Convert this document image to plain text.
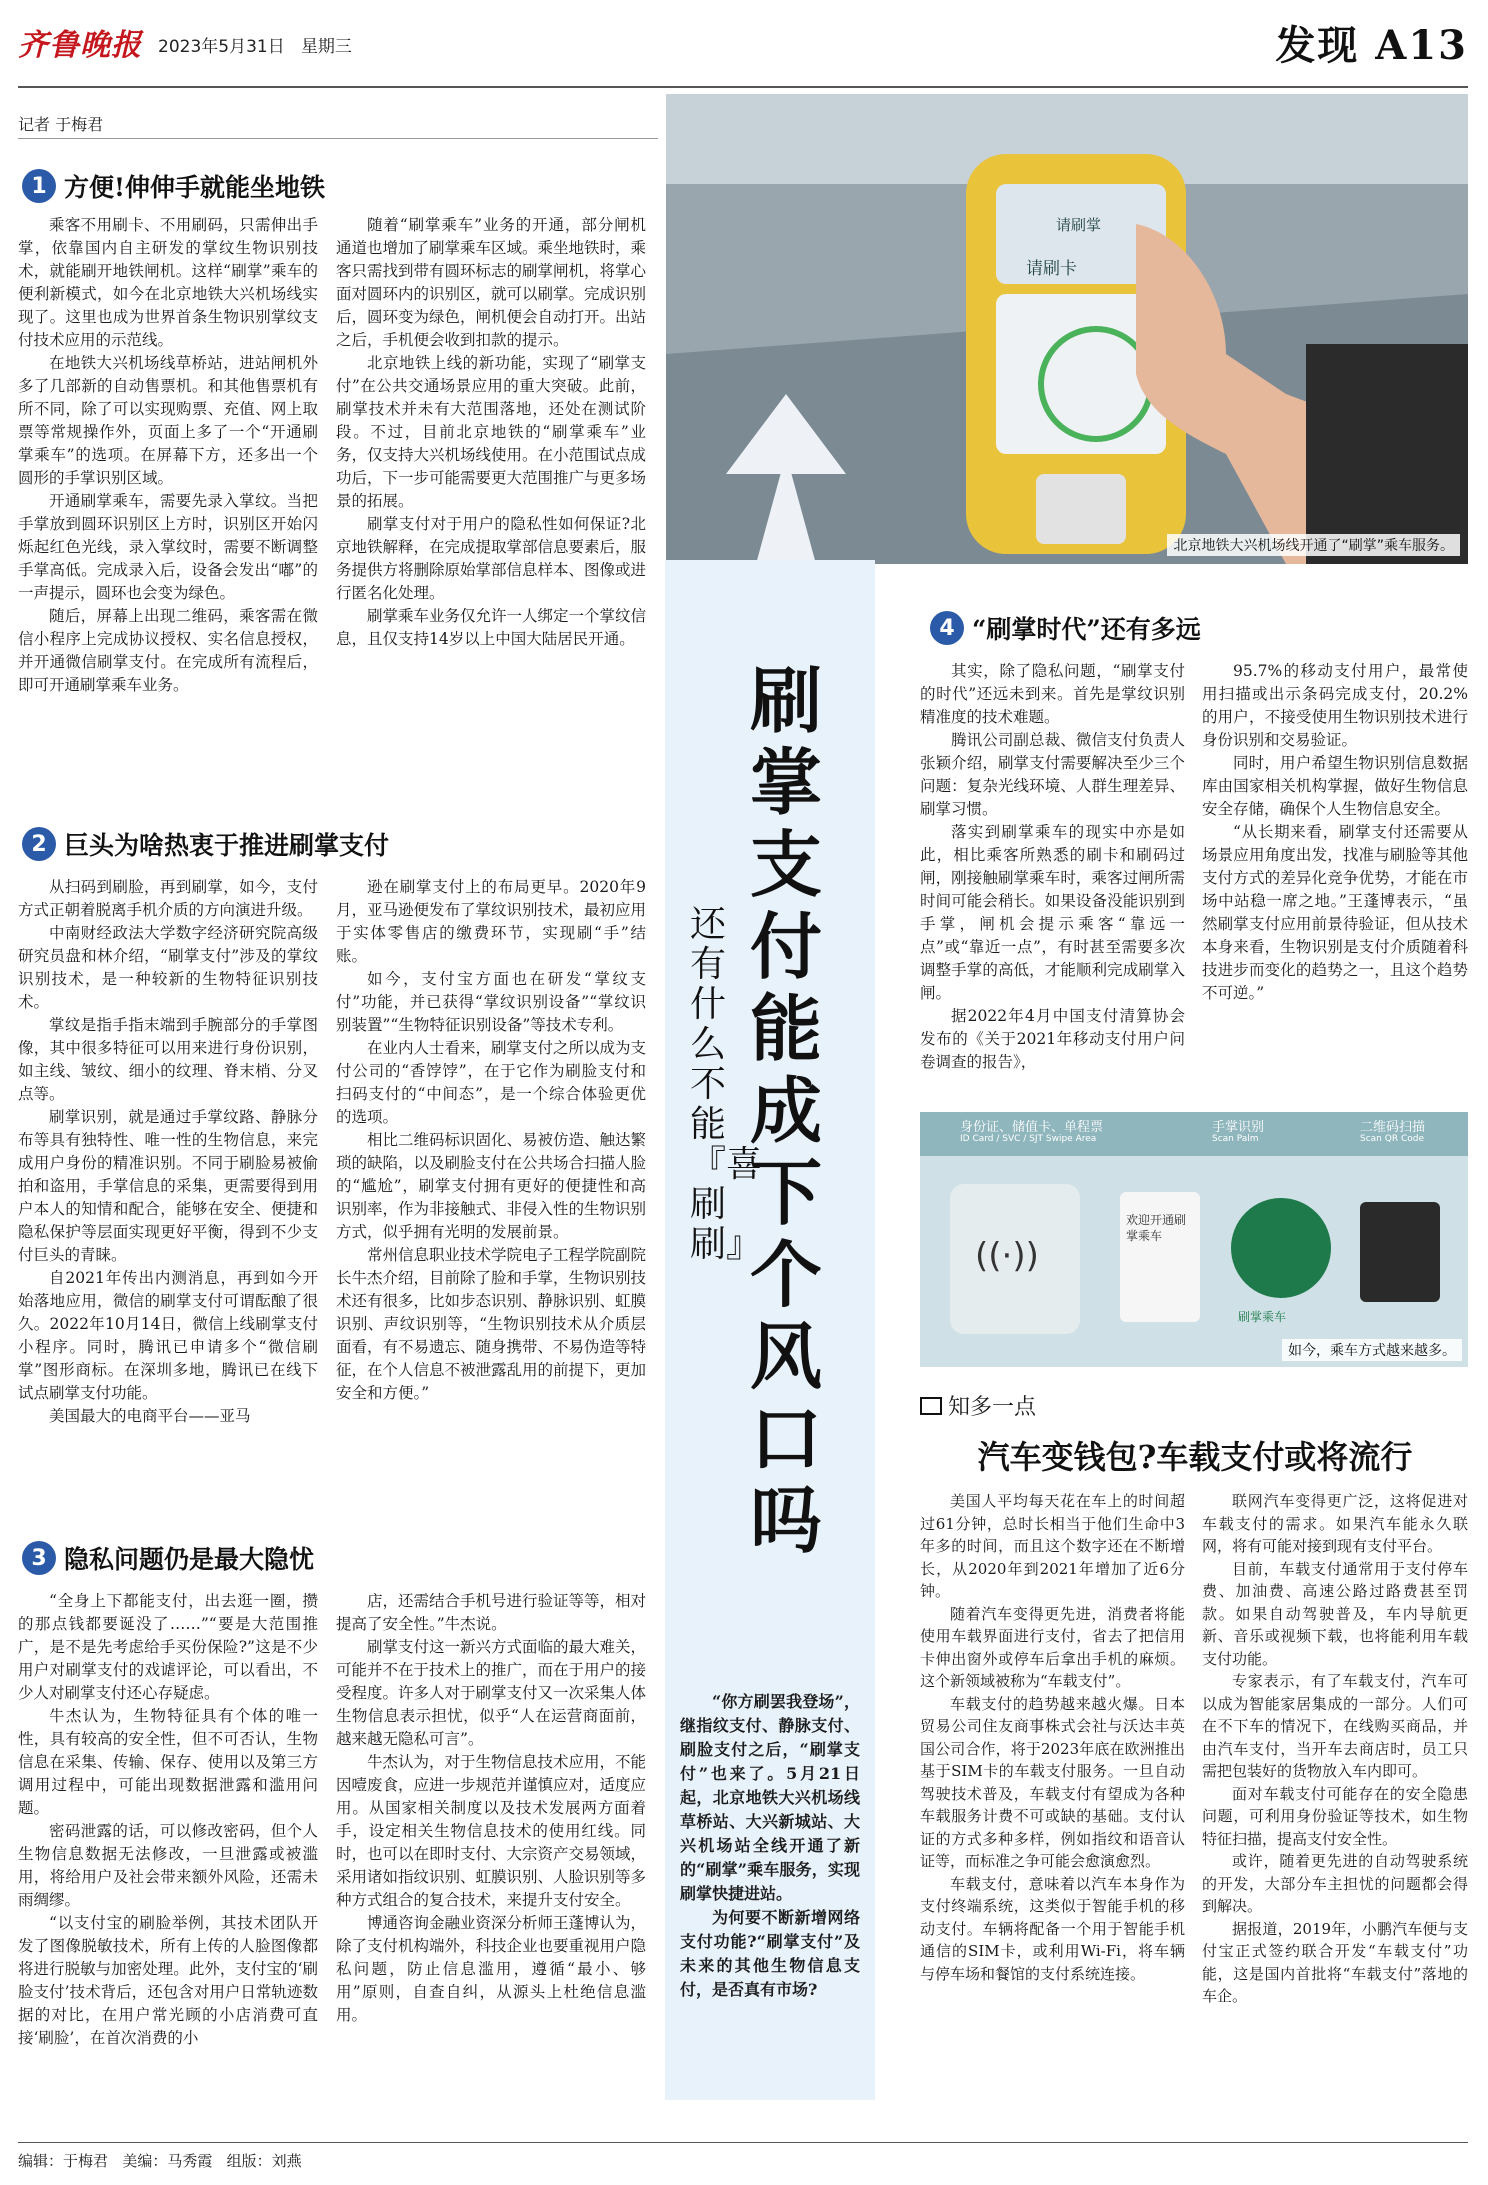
齐鲁晚报 2023年5月31日 星期三	发现 A13
记者 于梅君
请刷卡
请刷掌
北京地铁大兴机场线开通了“刷掌”乘车服务。
1 方便!伸伸手就能坐地铁

乘客不用刷卡、不用刷码，只需伸出手掌，依靠国内自主研发的掌纹生物识别技术，就能刷开地铁闸机。这样“刷掌”乘车的便利新模式，如今在北京地铁大兴机场线实现了。这里也成为世界首条生物识别掌纹支付技术应用的示范线。

在地铁大兴机场线草桥站，进站闸机外多了几部新的自动售票机。和其他售票机有所不同，除了可以实现购票、充值、网上取票等常规操作外，页面上多了一个“开通刷掌乘车”的选项。在屏幕下方，还多出一个圆形的手掌识别区域。

开通刷掌乘车，需要先录入掌纹。当把手掌放到圆环识别区上方时，识别区开始闪烁起红色光线，录入掌纹时，需要不断调整手掌高低。完成录入后，设备会发出“嘟”的一声提示，圆环也会变为绿色。

随后，屏幕上出现二维码，乘客需在微信小程序上完成协议授权、实名信息授权，并开通微信刷掌支付。在完成所有流程后，即可开通刷掌乘车业务。

随着“刷掌乘车”业务的开通，部分闸机通道也增加了刷掌乘车区域。乘坐地铁时，乘客只需找到带有圆环标志的刷掌闸机，将掌心面对圆环内的识别区，就可以刷掌。完成识别后，圆环变为绿色，闸机便会自动打开。出站之后，手机便会收到扣款的提示。

北京地铁上线的新功能，实现了“刷掌支付”在公共交通场景应用的重大突破。此前，刷掌技术并未有大范围落地，还处在测试阶段。不过，目前北京地铁的“刷掌乘车”业务，仅支持大兴机场线使用。在小范围试点成功后，下一步可能需要更大范围推广与更多场景的拓展。

刷掌支付对于用户的隐私性如何保证?北京地铁解释，在完成提取掌部信息要素后，服务提供方将删除原始掌部信息样本、图像或进行匿名化处理。

刷掌乘车业务仅允许一人绑定一个掌纹信息，且仅支持14岁以上中国大陆居民开通。

2 巨头为啥热衷于推进刷掌支付

从扫码到刷脸，再到刷掌，如今，支付方式正朝着脱离手机介质的方向演进升级。

中南财经政法大学数字经济研究院高级研究员盘和林介绍，“刷掌支付”涉及的掌纹识别技术，是一种较新的生物特征识别技术。

掌纹是指手指末端到手腕部分的手掌图像，其中很多特征可以用来进行身份识别，如主线、皱纹、细小的纹理、脊末梢、分叉点等。

刷掌识别，就是通过手掌纹路、静脉分布等具有独特性、唯一性的生物信息，来完成用户身份的精准识别。不同于刷脸易被偷拍和盗用，手掌信息的采集，更需要得到用户本人的知情和配合，能够在安全、便捷和隐私保护等层面实现更好平衡，得到不少支付巨头的青睐。

自2021年传出内测消息，再到如今开始落地应用，微信的刷掌支付可谓酝酿了很久。2022年10月14日，微信上线刷掌支付小程序。同时，腾讯已申请多个“微信刷掌”图形商标。在深圳多地，腾讯已在线下试点刷掌支付功能。

美国最大的电商平台——亚马

逊在刷掌支付上的布局更早。2020年9月，亚马逊便发布了掌纹识别技术，最初应用于实体零售店的缴费环节，实现刷“手”结账。

如今，支付宝方面也在研发“掌纹支付”功能，并已获得“掌纹识别设备”“掌纹识别装置”“生物特征识别设备”等技术专利。

在业内人士看来，刷掌支付之所以成为支付公司的“香饽饽”，在于它作为刷脸支付和扫码支付的“中间态”，是一个综合体验更优的选项。

相比二维码标识固化、易被仿造、触达繁琐的缺陷，以及刷脸支付在公共场合扫描人脸的“尴尬”，刷掌支付拥有更好的便捷性和高识别率，作为非接触式、非侵入性的生物识别方式，似乎拥有光明的发展前景。

常州信息职业技术学院电子工程学院副院长牛杰介绍，目前除了脸和手掌，生物识别技术还有很多，比如步态识别、静脉识别、虹膜识别、声纹识别等，“生物识别技术从介质层面看，有不易遗忘、随身携带、不易伪造等特征，在个人信息不被泄露乱用的前提下，更加安全和方便。”

3 隐私问题仍是最大隐忧

“全身上下都能支付，出去逛一圈，攒的那点钱都要诞没了……”“要是大范围推广，是不是先考虑给手买份保险?”这是不少用户对刷掌支付的戏谑评论，可以看出，不少人对刷掌支付还心存疑虑。

牛杰认为，生物特征具有个体的唯一性，具有较高的安全性，但不可否认，生物信息在采集、传输、保存、使用以及第三方调用过程中，可能出现数据泄露和滥用问题。

密码泄露的话，可以修改密码，但个人生物信息数据无法修改，一旦泄露或被滥用，将给用户及社会带来额外风险，还需未雨绸缪。

“以支付宝的刷脸举例，其技术团队开发了图像脱敏技术，所有上传的人脸图像都将进行脱敏与加密处理。此外，支付宝的‘刷脸支付’技术背后，还包含对用户日常轨迹数据的对比，在用户常光顾的小店消费可直接‘刷脸’，在首次消费的小

店，还需结合手机号进行验证等等，相对提高了安全性。”牛杰说。

刷掌支付这一新兴方式面临的最大难关，可能并不在于技术上的推广，而在于用户的接受程度。许多人对于刷掌支付又一次采集人体生物信息表示担忧，似乎“人在运营商面前，越来越无隐私可言”。

牛杰认为，对于生物信息技术应用，不能因噎废食，应进一步规范并谨慎应对，适度应用。从国家相关制度以及技术发展两方面着手，设定相关生物信息技术的使用红线。同时，也可以在即时支付、大宗资产交易领域，采用诸如指纹识别、虹膜识别、人脸识别等多种方式组合的复合技术，来提升支付安全。

博通咨询金融业资深分析师王蓬博认为，除了支付机构端外，科技企业也要重视用户隐私问题，防止信息滥用，遵循“最小、够用”原则，自查自纠，从源头上杜绝信息滥用。

刷掌支付能成下个风口吗
还有什么不能『喜刷刷』

“你方刷罢我登场”，继指纹支付、静脉支付、刷脸支付之后，“刷掌支付”也来了。5月21日起，北京地铁大兴机场线草桥站、大兴新城站、大兴机场站全线开通了新的“刷掌”乘车服务，实现刷掌快捷进站。

为何要不断新增网络支付功能?“刷掌支付”及未来的其他生物信息支付，是否真有市场?

4 “刷掌时代”还有多远

其实，除了隐私问题，“刷掌支付的时代”还远未到来。首先是掌纹识别精准度的技术难题。

腾讯公司副总裁、微信支付负责人张颖介绍，刷掌支付需要解决至少三个问题：复杂光线环境、人群生理差异、刷掌习惯。

落实到刷掌乘车的现实中亦是如此，相比乘客所熟悉的刷卡和刷码过闸，刚接触刷掌乘车时，乘客过闸所需时间可能会稍长。如果设备没能识别到手掌，闸机会提示乘客“靠远一点”或“靠近一点”，有时甚至需要多次调整手掌的高低，才能顺利完成刷掌入闸。

据2022年4月中国支付清算协会发布的《关于2021年移动支付用户问卷调查的报告》，

95.7%的移动支付用户，最常使用扫描或出示条码完成支付，20.2%的用户，不接受使用生物识别技术进行身份识别和交易验证。

同时，用户希望生物识别信息数据库由国家相关机构掌握，做好生物信息安全存储，确保个人生物信息安全。

“从长期来看，刷掌支付还需要从场景应用角度出发，找准与刷脸等其他支付方式的差异化竞争优势，才能在市场中站稳一席之地。”王蓬博表示，“虽然刷掌支付应用前景待验证，但从技术本身来看，生物识别是支付介质随着科技进步而变化的趋势之一，且这个趋势不可逆。”

身份证、储值卡、单程票
ID Card / SVC / SJT Swipe Area
手掌识别
Scan Palm
二维码扫描
Scan QR Code
((·))
欢迎开通刷掌乘车
刷掌乘车
如今，乘车方式越来越多。
知多一点
汽车变钱包?车载支付或将流行

美国人平均每天花在车上的时间超过61分钟，总时长相当于他们生命中3年多的时间，而且这个数字还在不断增长，从2020年到2021年增加了近6分钟。

随着汽车变得更先进，消费者将能使用车载界面进行支付，省去了把信用卡伸出窗外或停车后拿出手机的麻烦。这个新领域被称为“车载支付”。

车载支付的趋势越来越火爆。日本贸易公司住友商事株式会社与沃达丰英国公司合作，将于2023年底在欧洲推出基于SIM卡的车载支付服务。一旦自动驾驶技术普及，车载支付有望成为各种车载服务计费不可或缺的基础。支付认证的方式多种多样，例如指纹和语音认证等，而标准之争可能会愈演愈烈。

车载支付，意味着以汽车本身作为支付终端系统，这类似于智能手机的移动支付。车辆将配备一个用于智能手机通信的SIM卡，或利用Wi-Fi，将车辆与停车场和餐馆的支付系统连接。

联网汽车变得更广泛，这将促进对车载支付的需求。如果汽车能永久联网，将有可能对接到现有支付平台。

目前，车载支付通常用于支付停车费、加油费、高速公路过路费甚至罚款。如果自动驾驶普及，车内导航更新、音乐或视频下载，也将能利用车载支付功能。

专家表示，有了车载支付，汽车可以成为智能家居集成的一部分。人们可在不下车的情况下，在线购买商品，并由汽车支付，当开车去商店时，员工只需把包装好的货物放入车内即可。

面对车载支付可能存在的安全隐患问题，可利用身份验证等技术，如生物特征扫描，提高支付安全性。

或许，随着更先进的自动驾驶系统的开发，大部分车主担忧的问题都会得到解决。

据报道，2019年，小鹏汽车便与支付宝正式签约联合开发“车载支付”功能，这是国内首批将“车载支付”落地的车企。

编辑：于梅君 美编：马秀霞 组版：刘燕
